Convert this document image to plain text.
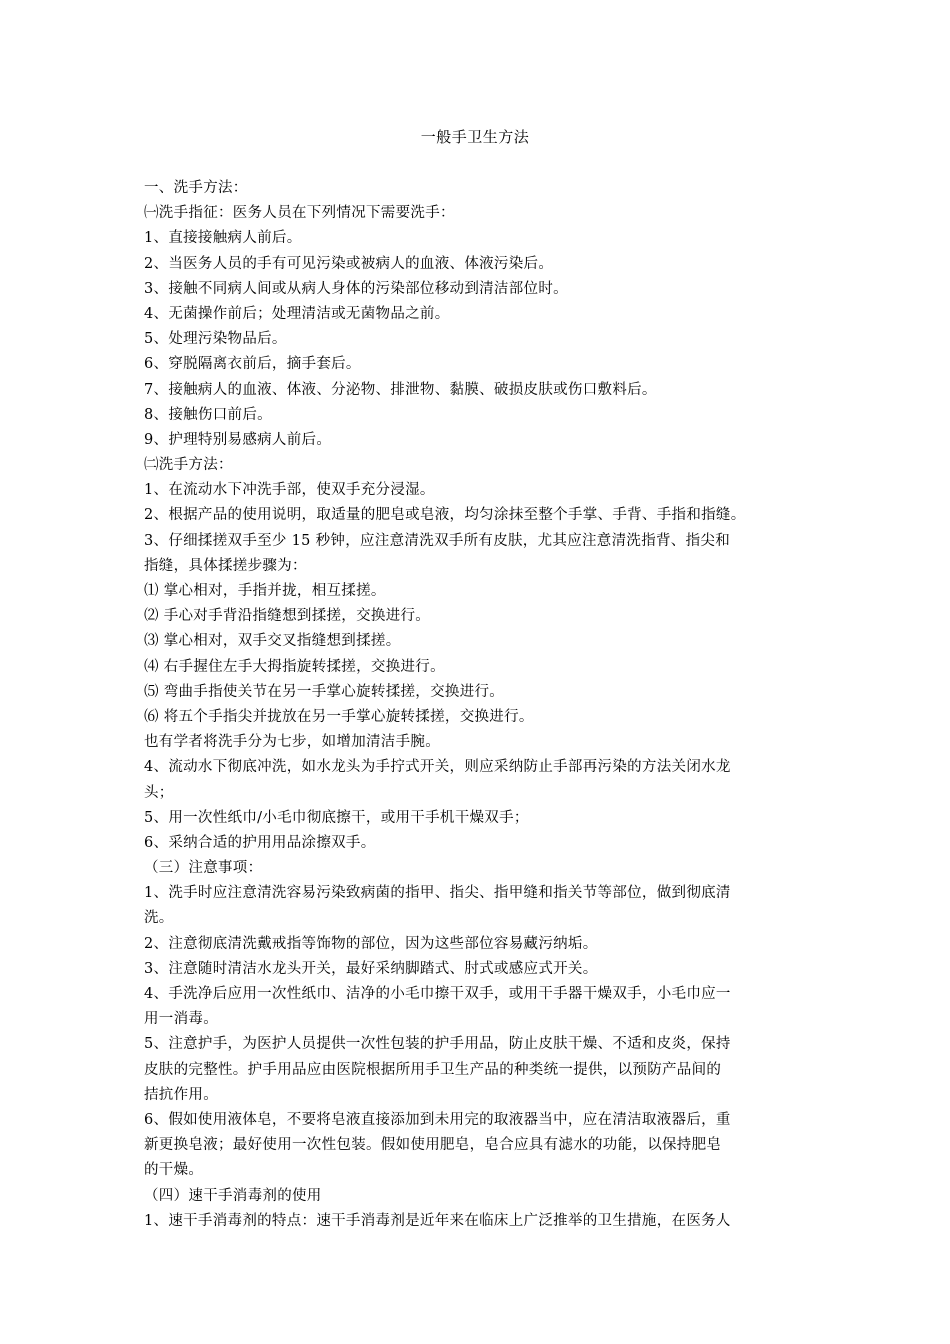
一般手卫生方法
一、洗手方法：
㈠洗手指征：医务人员在下列情况下需要洗手：
1、直接接触病人前后。
2、当医务人员的手有可见污染或被病人的血液、体液污染后。
3、接触不同病人间或从病人身体的污染部位移动到清洁部位时。
4、无菌操作前后；处理清洁或无菌物品之前。
5、处理污染物品后。
6、穿脱隔离衣前后，摘手套后。
7、接触病人的血液、体液、分泌物、排泄物、黏膜、破损皮肤或伤口敷料后。
8、接触伤口前后。
9、护理特别易感病人前后。
㈡洗手方法：
1、在流动水下冲洗手部，使双手充分浸湿。
2、根据产品的使用说明，取适量的肥皂或皂液，均匀涂抹至整个手掌、手背、手指和指缝。
3、仔细揉搓双手至少 15 秒钟，应注意清洗双手所有皮肤，尤其应注意清洗指背、指尖和
指缝，具体揉搓步骤为：
⑴ 掌心相对，手指并拢，相互揉搓。
⑵ 手心对手背沿指缝想到揉搓，交换进行。
⑶ 掌心相对，双手交叉指缝想到揉搓。
⑷ 右手握住左手大拇指旋转揉搓，交换进行。
⑸ 弯曲手指使关节在另一手掌心旋转揉搓，交换进行。
⑹ 将五个手指尖并拢放在另一手掌心旋转揉搓，交换进行。
也有学者将洗手分为七步，如增加清洁手腕。
4、流动水下彻底冲洗，如水龙头为手拧式开关，则应采纳防止手部再污染的方法关闭水龙
头；
5、用一次性纸巾/小毛巾彻底擦干，或用干手机干燥双手；
6、采纳合适的护用用品涂擦双手。
（三）注意事项：
1、洗手时应注意清洗容易污染致病菌的指甲、指尖、指甲缝和指关节等部位，做到彻底清
洗。
2、注意彻底清洗戴戒指等饰物的部位，因为这些部位容易藏污纳垢。
3、注意随时清洁水龙头开关，最好采纳脚踏式、肘式或感应式开关。
4、手洗净后应用一次性纸巾、洁净的小毛巾擦干双手，或用干手器干燥双手，小毛巾应一
用一消毒。
5、注意护手，为医护人员提供一次性包装的护手用品，防止皮肤干燥、不适和皮炎，保持
皮肤的完整性。护手用品应由医院根据所用手卫生产品的种类统一提供，以预防产品间的
拮抗作用。
6、假如使用液体皂，不要将皂液直接添加到未用完的取液器当中，应在清洁取液器后，重
新更换皂液；最好使用一次性包装。假如使用肥皂，皂合应具有滤水的功能，以保持肥皂
的干燥。
（四）速干手消毒剂的使用
1、速干手消毒剂的特点：速干手消毒剂是近年来在临床上广泛推举的卫生措施，在医务人
